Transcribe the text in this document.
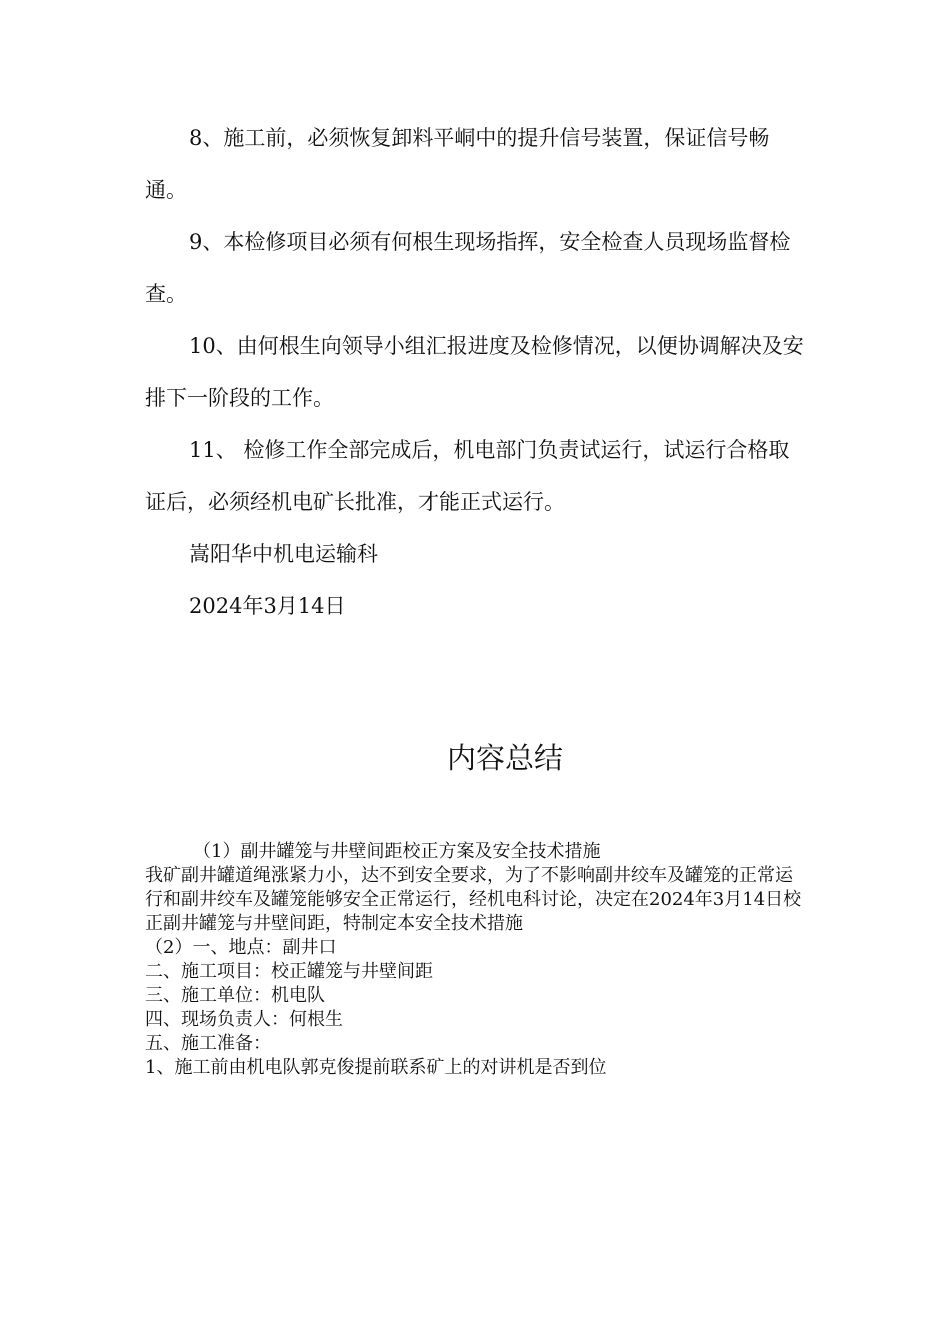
8、施工前，必须恢复卸料平峒中的提升信号装置，保证信号畅通。

9、本检修项目必须有何根生现场指挥，安全检查人员现场监督检查。

10、由何根生向领导小组汇报进度及检修情况，以便协调解决及安排下一阶段的工作。

11、 检修工作全部完成后，机电部门负责试运行，试运行合格取证后，必须经机电矿长批准，才能正式运行。

嵩阳华中机电运输科

2024年3月14日

内容总结
（1）副井罐笼与井壁间距校正方案及安全技术措施
我矿副井罐道绳涨紧力小，达不到安全要求，为了不影响副井绞车及罐笼的正常运行和副井绞车及罐笼能够安全正常运行，经机电科讨论，决定在2024年3月14日校正副井罐笼与井壁间距，特制定本安全技术措施
（2）一、地点：副井口
二、施工项目：校正罐笼与井壁间距
三、施工单位：机电队
四、现场负责人：何根生
五、施工准备：
1、施工前由机电队郭克俊提前联系矿上的对讲机是否到位
